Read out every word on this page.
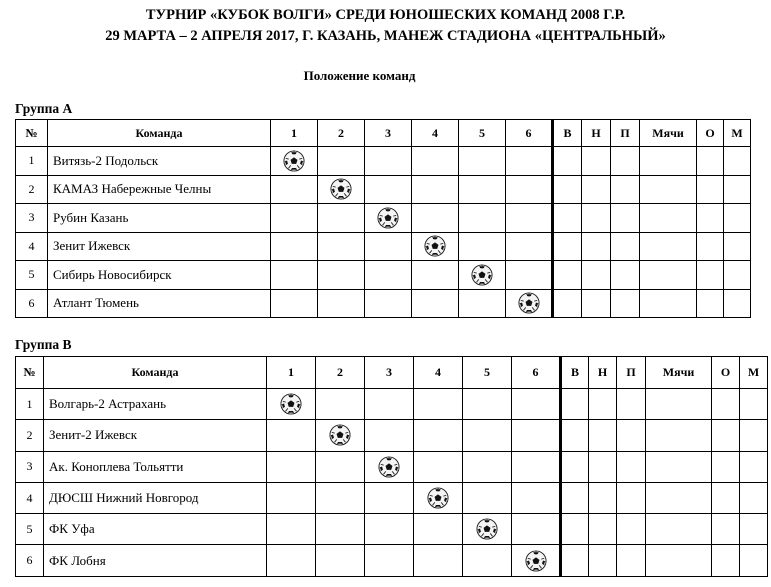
ТУРНИР «КУБОК ВОЛГИ» СРЕДИ ЮНОШЕСКИХ КОМАНД 2008 Г.Р.
29 МАРТА – 2 АПРЕЛЯ 2017, Г. КАЗАНЬ, МАНЕЖ СТАДИОНА «ЦЕНТРАЛЬНЫЙ»
Положение команд
Группа А
№	Команда	1	2	3	4	5	6	В	Н	П	Мячи	О	М
1	Витязь-2 Подольск	

2	КАМАЗ Набережные Челны		

3	Рубин Казань			

4	Зенит Ижевск				

5	Сибирь Новосибирск					

6	Атлант Тюмень						

Группа В
№	Команда	1	2	3	4	5	6	В	Н	П	Мячи	О	М
1	Волгарь-2 Астрахань	

2	Зенит-2 Ижевск		

3	Ак. Коноплева Тольятти			

4	ДЮСШ Нижний Новгород				

5	ФК Уфа					

6	ФК Лобня						
